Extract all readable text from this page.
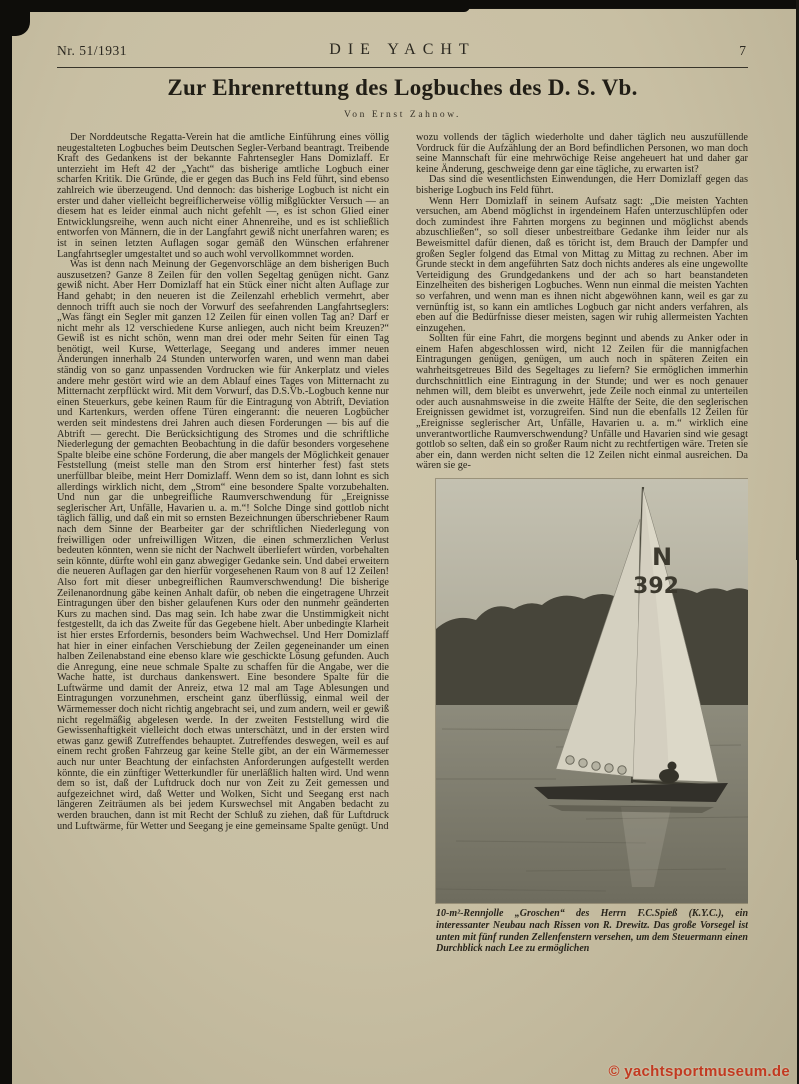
Nr. 51/1931	DIE YACHT	7
Zur Ehrenrettung des Logbuches des D. S. Vb.
Von Ernst Zahnow.

Der Norddeutsche Regatta-Verein hat die amtliche Einführung eines völlig neugestalteten Logbuches beim Deutschen Segler-Verband beantragt. Treibende Kraft des Gedankens ist der bekannte Fahrtensegler Hans Domizlaff. Er unterzieht im Heft 42 der „Yacht“ das bisherige amtliche Logbuch einer scharfen Kritik. Die Gründe, die er gegen das Buch ins Feld führt, sind ebenso zahlreich wie überzeugend. Und dennoch: das bisherige Logbuch ist nicht ein erster und daher vielleicht begreiflicherweise völlig mißglückter Versuch — an diesem hat es leider einmal auch nicht gefehlt —, es ist schon Glied einer Entwicklungsreihe, wenn auch nicht einer Ahnenreihe, und es ist schließlich entworfen von Männern, die in der Langfahrt gewiß nicht unerfahren waren; es ist in seinen letzten Auflagen sogar gemäß den Wünschen erfahrener Langfahrtsegler umgestaltet und so auch wohl vervollkommnet worden.

Was ist denn nach Meinung der Gegenvorschläge an dem bisherigen Buch auszusetzen? Ganze 8 Zeilen für den vollen Segeltag genügen nicht. Ganz gewiß nicht. Aber Herr Domizlaff hat ein Stück einer nicht alten Auflage zur Hand gehabt; in den neueren ist die Zeilenzahl erheblich vermehrt, aber dennoch trifft auch sie noch der Vorwurf des seefahrenden Langfahrtseglers: „Was fängt ein Segler mit ganzen 12 Zeilen für einen vollen Tag an? Darf er nicht mehr als 12 verschiedene Kurse anliegen, auch nicht beim Kreuzen?“ Gewiß ist es nicht schön, wenn man drei oder mehr Seiten für einen Tag benötigt, weil Kurse, Wetterlage, Seegang und anderes immer neuen Änderungen innerhalb 24 Stunden unterworfen waren, und wenn man dabei ständig von so ganz unpassenden Vordrucken wie für Ankerplatz und vieles andere mehr gestört wird wie an dem Ablauf eines Tages von Mitternacht zu Mitternacht zerpflückt wird. Mit dem Vorwurf, das D.S.Vb.-Logbuch kenne nur einen Steuerkurs, gebe keinen Raum für die Eintragung von Abtrift, Deviation und Kartenkurs, werden offene Türen eingerannt: die neueren Logbücher werden seit mindestens drei Jahren auch diesen Forderungen — bis auf die Abtrift — gerecht. Die Berücksichtigung des Stromes und die schriftliche Niederlegung der gemachten Beobachtung in die dafür besonders vorgesehene Spalte bleibe eine schöne Forderung, die aber mangels der Möglichkeit genauer Feststellung (meist stelle man den Strom erst hinterher fest) fast stets unerfüllbar bleibe, meint Herr Domizlaff. Wenn dem so ist, dann lohnt es sich allerdings wirklich nicht, dem „Strom“ eine besondere Spalte vorzubehalten. Und nun gar die unbegreifliche Raumverschwendung für „Ereignisse seglerischer Art, Unfälle, Havarien u. a. m.“! Solche Dinge sind gottlob nicht täglich fällig, und daß ein mit so ernsten Bezeichnungen überschriebener Raum nach dem Sinne der Bearbeiter gar der schriftlichen Niederlegung von freiwilligen oder unfreiwilligen Witzen, die einen schmerzlichen Verlust bedeuten könnten, wenn sie nicht der Nachwelt überliefert würden, vorbehalten sein könnte, dürfte wohl ein ganz abwegiger Gedanke sein. Und dabei erweitern die neueren Auflagen gar den hierfür vorgesehenen Raum von 8 auf 12 Zeilen! Also fort mit dieser unbegreiflichen Raumverschwendung! Die bisherige Zeilenanordnung gäbe keinen Anhalt dafür, ob neben die eingetragene Uhrzeit Eintragungen über den bisher gelaufenen Kurs oder den nunmehr geänderten Kurs zu machen sind. Das mag sein. Ich habe zwar die Unstimmigkeit nicht festgestellt, da ich das Zweite für das Gegebene hielt. Aber unbedingte Klarheit ist hier erstes Erfordernis, besonders beim Wachwechsel. Und Herr Domizlaff hat hier in einer einfachen Verschiebung der Zeilen gegeneinander um einen halben Zeilenabstand eine ebenso klare wie geschickte Lösung gefunden. Auch die Anregung, eine neue schmale Spalte zu schaffen für die Angabe, wer die Wache hatte, ist durchaus dankenswert. Eine besondere Spalte für die Luftwärme und damit der Anreiz, etwa 12 mal am Tage Ablesungen und Eintragungen vorzunehmen, erscheint ganz überflüssig, einmal weil der Wärmemesser doch nicht richtig angebracht sei, und zum andern, weil er gewiß nicht regelmäßig abgelesen werde. In der zweiten Feststellung wird die Gewissenhaftigkeit vielleicht doch etwas unterschätzt, und in der ersten wird etwas ganz gewiß Zutreffendes behauptet. Zutreffendes deswegen, weil es auf einem recht großen Fahrzeug gar keine Stelle gibt, an der ein Wärmemesser auch nur unter Beachtung der einfachsten Anforderungen aufgestellt werden könnte, die ein zünftiger Wetterkundler für unerläßlich halten wird. Und wenn dem so ist, daß der Luftdruck doch nur von Zeit zu Zeit gemessen und aufgezeichnet wird, daß Wetter und Wolken, Sicht und Seegang erst nach längeren Zeiträumen als bei jedem Kurswechsel mit Angaben bedacht zu werden brauchen, dann ist mit Recht der Schluß zu ziehen, daß für Luftdruck und Luftwärme, für Wetter und Seegang je eine gemeinsame Spalte genügt. Und

wozu vollends der täglich wiederholte und daher täglich neu auszufüllende Vordruck für die Aufzählung der an Bord befindlichen Personen, wo man doch seine Mannschaft für eine mehrwöchige Reise angeheuert hat und daher gar keine Änderung, geschweige denn gar eine tägliche, zu erwarten ist?

Das sind die wesentlichsten Einwendungen, die Herr Domizlaff gegen das bisherige Logbuch ins Feld führt.

Wenn Herr Domizlaff in seinem Aufsatz sagt: „Die meisten Yachten versuchen, am Abend möglichst in irgendeinem Hafen unterzuschlüpfen oder doch zumindest ihre Fahrten morgens zu beginnen und möglichst abends abzuschließen“, so soll dieser unbestreitbare Gedanke ihm leider nur als Beweismittel dafür dienen, daß es töricht ist, dem Brauch der Dampfer und großen Segler folgend das Etmal von Mittag zu Mittag zu rechnen. Aber im Grunde steckt in dem angeführten Satz doch nichts anderes als eine ungewollte Verteidigung des Grundgedankens und der ach so hart beanstandeten Einzelheiten des bisherigen Logbuches. Wenn nun einmal die meisten Yachten so verfahren, und wenn man es ihnen nicht abgewöhnen kann, weil es gar zu vernünftig ist, so kann ein amtliches Logbuch gar nicht anders verfahren, als eben auf die Bedürfnisse dieser meisten, sagen wir ruhig allermeisten Yachten einzugehen.

Sollten für eine Fahrt, die morgens beginnt und abends zu Anker oder in einem Hafen abgeschlossen wird, nicht 12 Zeilen für die mannigfachen Eintragungen genügen, genügen, um auch noch in späteren Zeiten ein wahrheitsgetreues Bild des Segeltages zu liefern? Sie ermöglichen immerhin durchschnittlich eine Eintragung in der Stunde; und wer es noch genauer nehmen will, dem bleibt es unverwehrt, jede Zeile noch einmal zu unterteilen oder auch ausnahmsweise in die zweite Hälfte der Seite, die den seglerischen Ereignissen gewidmet ist, vorzugreifen. Sind nun die ebenfalls 12 Zeilen für „Ereignisse seglerischer Art, Unfälle, Havarien u. a. m.“ wirklich eine unverantwortliche Raumverschwendung? Unfälle und Havarien sind wie gesagt gottlob so selten, daß ein so großer Raum nicht zu rechtfertigen wäre. Treten sie aber ein, dann werden nicht selten die 12 Zeilen nicht einmal ausreichen. Da wären sie ge-

N
392
10-m²-Rennjolle „Groschen“ des Herrn F.C.Spieß (K.Y.C.), ein interessanter Neubau nach Rissen von R. Drewitz. Das große Vorsegel ist unten mit fünf runden Zellenfenstern versehen, um dem Steuermann einen Durchblick nach Lee zu ermöglichen
© yachtsportmuseum.de
